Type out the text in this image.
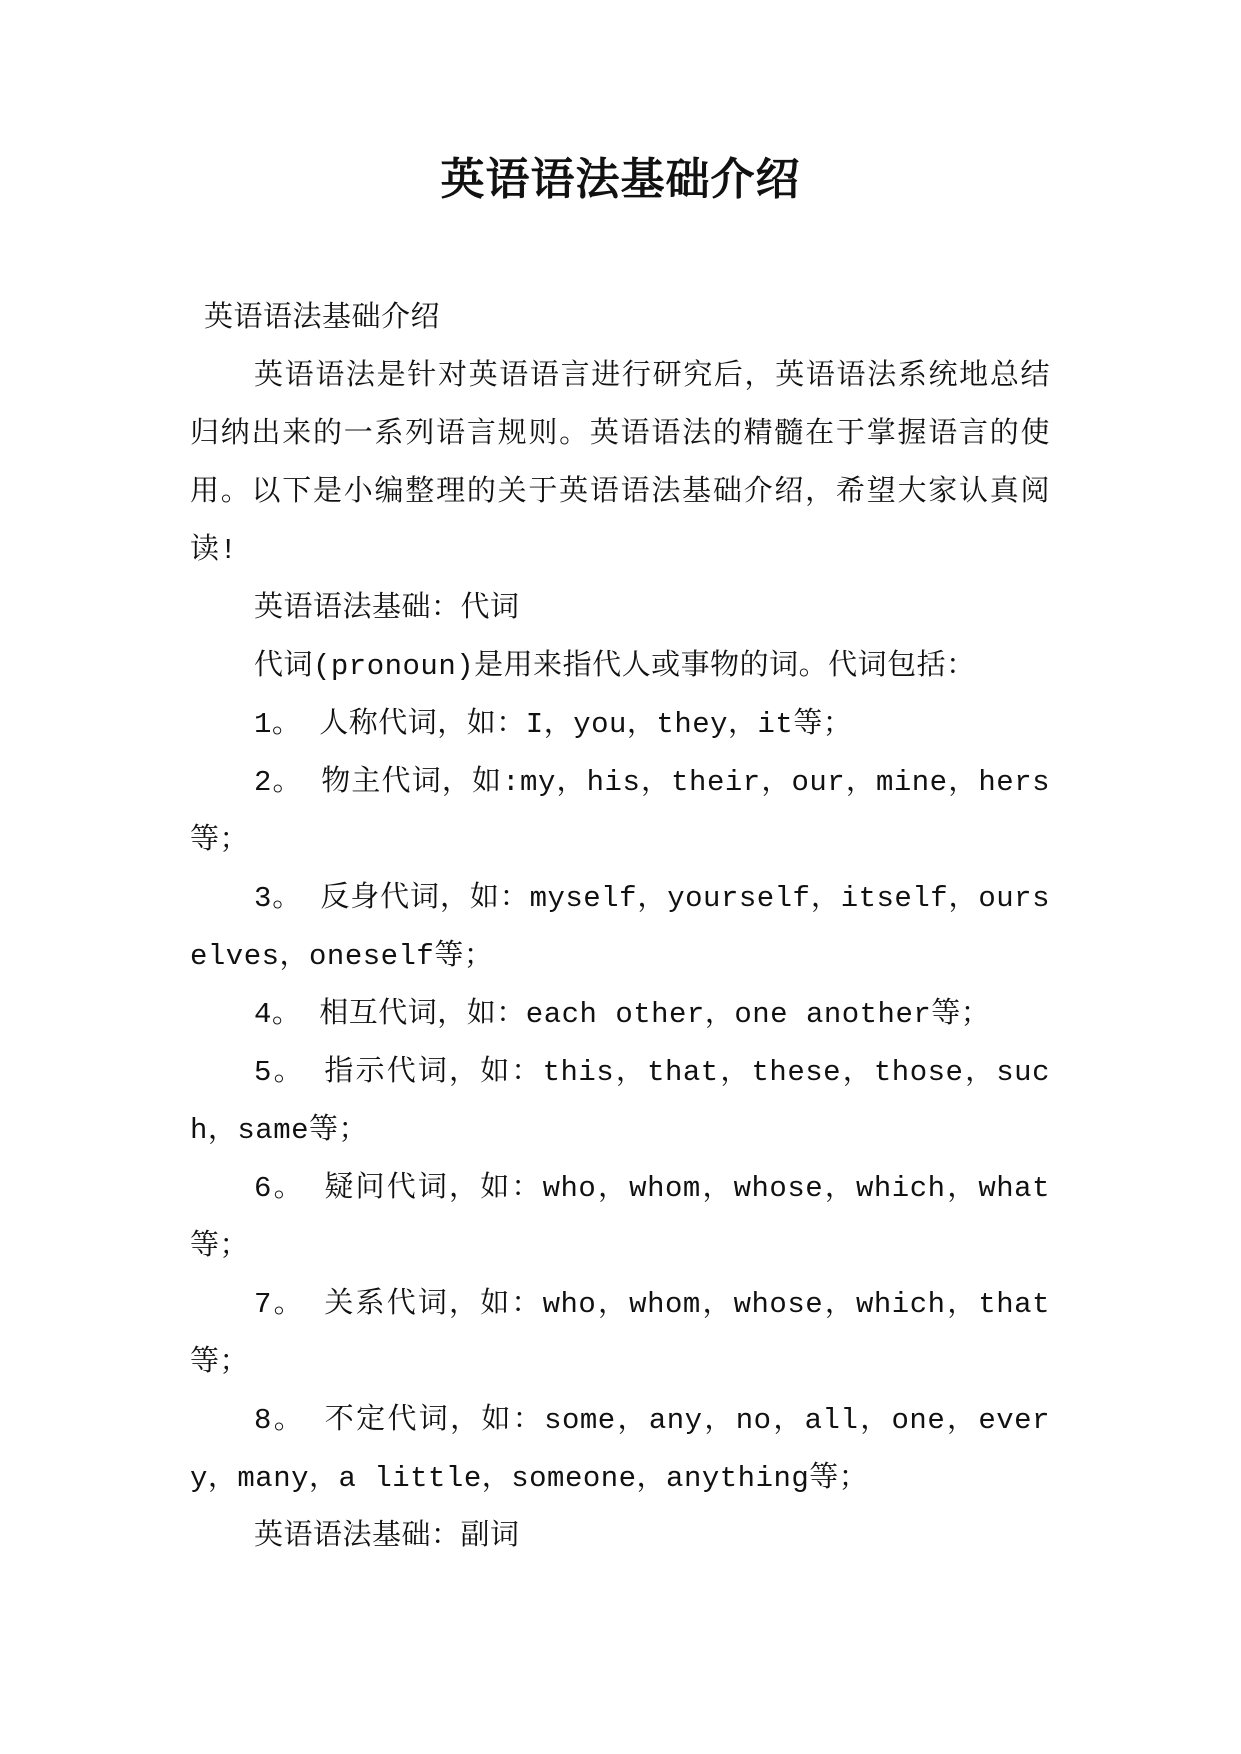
英语语法基础介绍

英语语法基础介绍

英语语法是针对英语语言进行研究后，英语语法系统地总结归纳出来的一系列语言规则。英语语法的精髓在于掌握语言的使用。以下是小编整理的关于英语语法基础介绍，希望大家认真阅读!

英语语法基础：代词

代词(pronoun)是用来指代人或事物的词。代词包括：

1。 人称代词，如：I，you，they，it等；

2。 物主代词，如:my，his，their，our，mine，hers等；

3。 反身代词，如：myself，yourself，itself，ourselves，oneself等；

4。 相互代词，如：each other，one another等；

5。 指示代词，如：this，that，these，those，such，same等；

6。 疑问代词，如：who，whom，whose，which，what等；

7。 关系代词，如：who，whom，whose，which，that等；

8。 不定代词，如：some，any，no，all，one，every，many，a little，someone，anything等；

英语语法基础：副词
